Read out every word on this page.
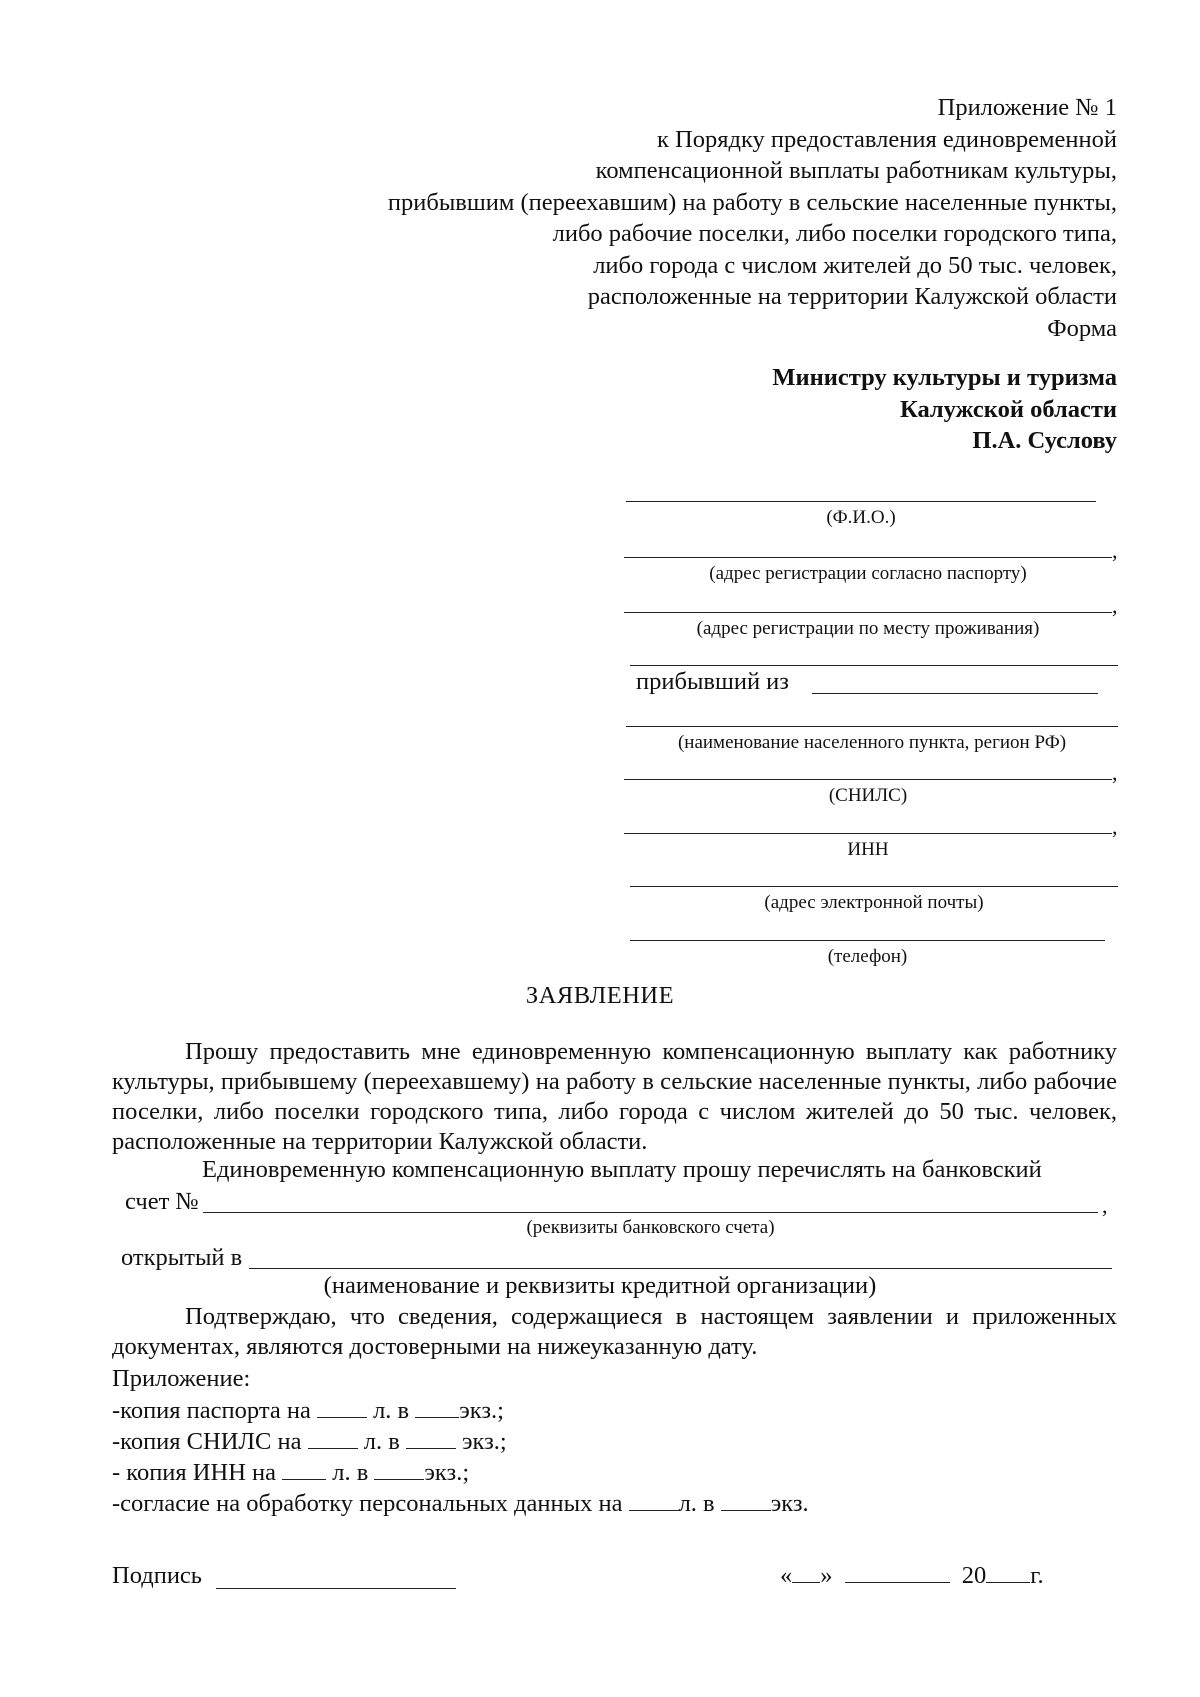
Приложение № 1
к Порядку предоставления единовременной
компенсационной выплаты работникам культуры,
прибывшим (переехавшим) на работу в сельские населенные пункты,
либо рабочие поселки, либо поселки городского типа,
либо города с числом жителей до 50 тыс. человек,
расположенные на территории Калужской области
Форма
Министру культуры и туризма
Калужской области
П.А. Суслову
(Ф.И.О.)
,
(адрес регистрации согласно паспорту)
,
(адрес регистрации по месту проживания)
прибывший из
(наименование населенного пункта, регион РФ)
,
(СНИЛС)
,
ИНН
(адрес электронной почты)
(телефон)
ЗАЯВЛЕНИЕ
Прошу предоставить мне единовременную компенсационную выплату как работнику культуры, прибывшему (переехавшему) на работу в сельские населенные пункты, либо рабочие поселки, либо поселки городского типа, либо города с числом жителей до 50 тыс. человек, расположенные на территории Калужской области.
Единовременную компенсационную выплату прошу перечислять на банковский
счет №	,
(реквизиты банковского счета)
открытый в
(наименование и реквизиты кредитной организации)
Подтверждаю, что сведения, содержащиеся в настоящем заявлении и приложенных документах, являются достоверными на нижеуказанную дату.
Приложение:
-копия паспорта на	л. в экз.;
-копия СНИЛС на	л. в	экз.;
- копия ИНН на л. в экз.;
-согласие на обработку персональных данных на л. в экз.
Подпись	« »	20 г.
